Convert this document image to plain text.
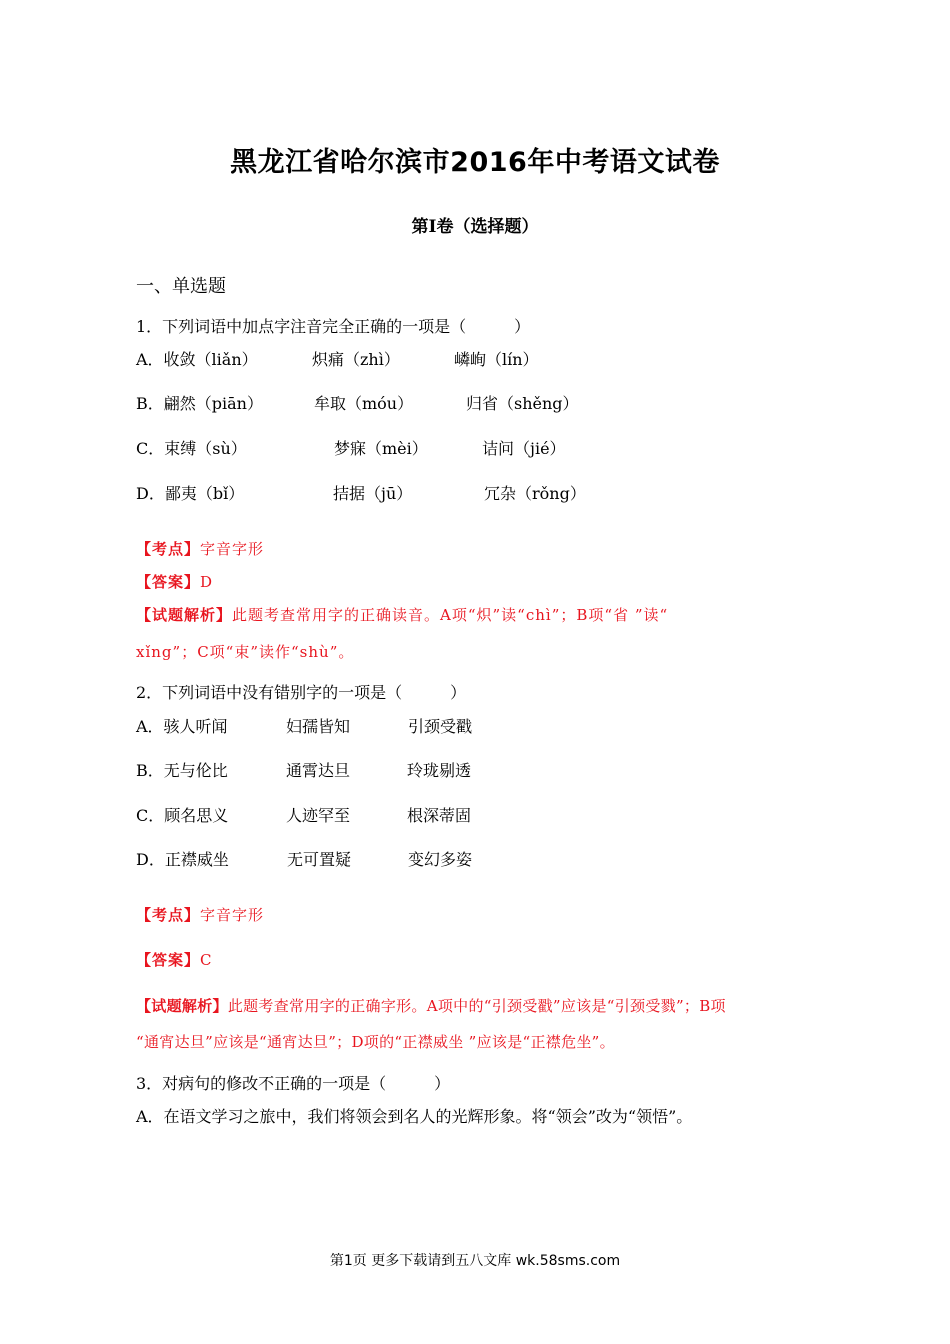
黑龙江省哈尔滨市2016年中考语文试卷
第Ⅰ卷（选择题）
一、单选题
1．下列词语中加点字注音完全正确的一项是（　　　）
A．收敛（liǎn）	炽痛（zhì）	嶙峋（lín）
B．翩然（piān）	牟取（móu）	归省（shěng）
C．束缚（sù）	梦寐（mèi）	诘问（jié）
D．鄙夷（bǐ）	拮据（jū）	冗杂（rǒng）
【考点】字音字形
【答案】D
【试题解析】此题考查常用字的正确读音。A项“炽”读“chì”；B项“省 ”读“
xǐng”；C项“束”读作“shù”。
2．下列词语中没有错别字的一项是（　　　）
A．骇人听闻	妇孺皆知	引颈受戳
B．无与伦比	通霄达旦	玲珑剔透
C．顾名思义	人迹罕至	根深蒂固
D．正襟威坐	无可置疑	变幻多姿
【考点】字音字形
【答案】C
【试题解析】此题考查常用字的正确字形。A项中的“引颈受戳”应该是“引颈受戮”；B项
“通宵达旦”应该是“通宵达旦”；D项的“正襟威坐 ”应该是“正襟危坐”。
3．对病句的修改不正确的一项是（　　　）
A．在语文学习之旅中，我们将领会到名人的光辉形象。将“领会”改为“领悟”。
第1页 更多下载请到五八文库 wk.58sms.com
